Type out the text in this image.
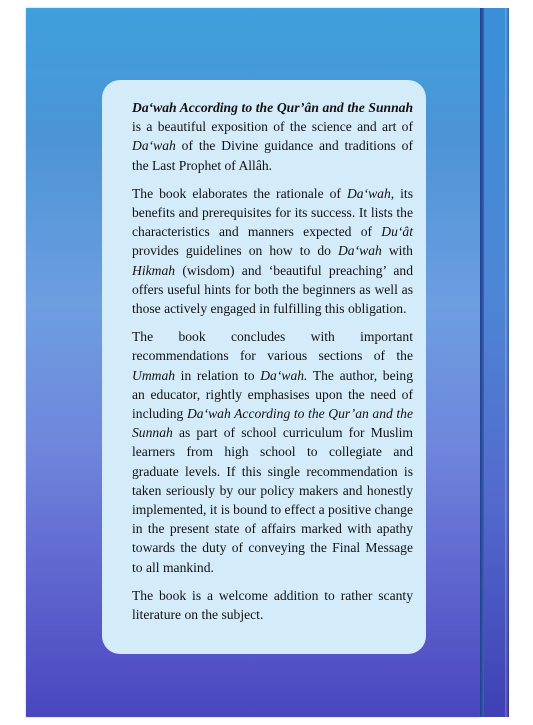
Da‘wah According to the Qur’ân and the Sunnah is a beautiful exposition of the science and art of Da‘wah of the Divine guidance and traditions of the Last Prophet of Allâh.

The book elaborates the rationale of Da‘wah, its benefits and prerequisites for its success. It lists the characteristics and manners expected of Du‘ât provides guidelines on how to do Da‘wah with Hikmah (wisdom) and ‘beautiful preaching’ and offers useful hints for both the beginners as well as those actively engaged in fulfilling this obligation.

The book concludes with important recommendations for various sections of the Ummah in relation to Da‘wah. The author, being an educator, rightly emphasises upon the need of including Da‘wah According to the Qur’an and the Sunnah as part of school curriculum for Muslim learners from high school to collegiate and graduate levels. If this single recommendation is taken seriously by our policy makers and honestly implemented, it is bound to effect a positive change in the present state of affairs marked with apathy towards the duty of conveying the Final Message to all mankind.

The book is a welcome addition to rather scanty literature on the subject.
